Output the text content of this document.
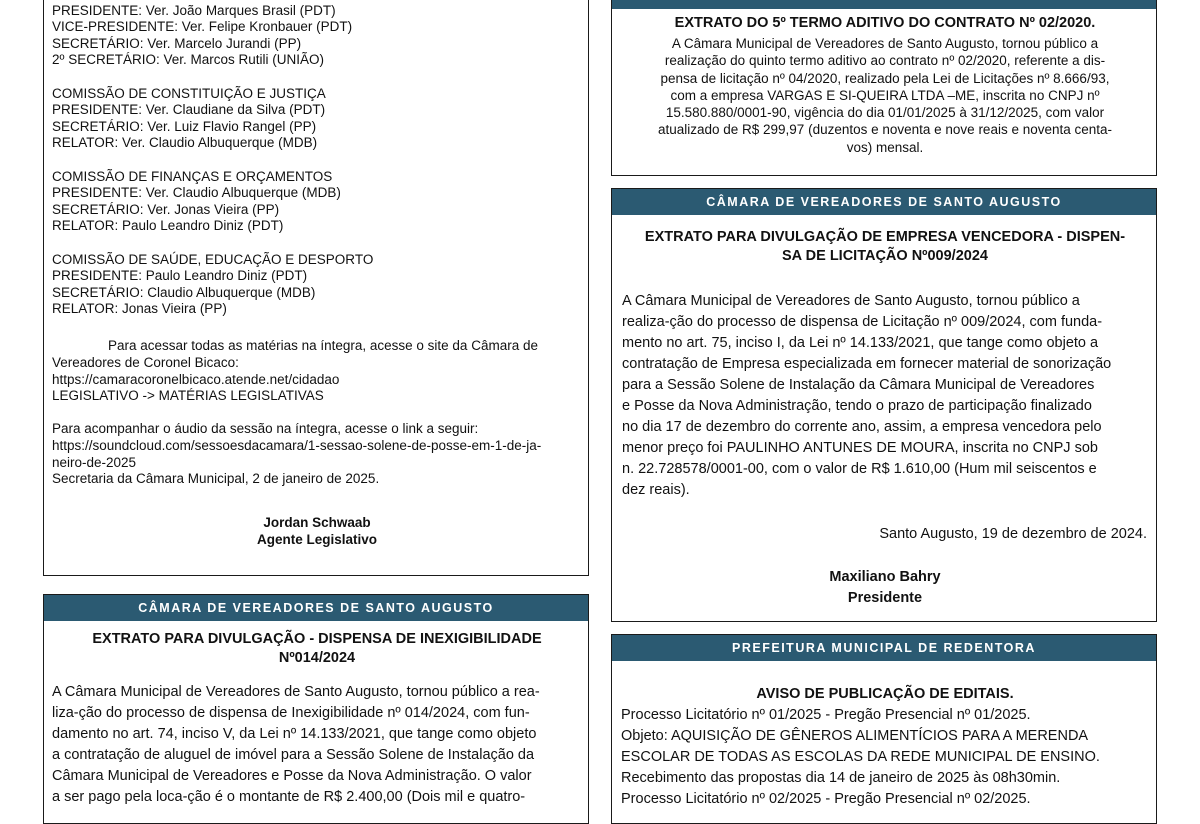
PRESIDENTE: Ver. João Marques Brasil (PDT)
VICE-PRESIDENTE: Ver. Felipe Kronbauer (PDT)
SECRETÁRIO: Ver. Marcelo Jurandi (PP)
2º SECRETÁRIO: Ver. Marcos Rutili (UNIÃO)

COMISSÃO DE CONSTITUIÇÃO E JUSTIÇA
PRESIDENTE: Ver. Claudiane da Silva (PDT)
SECRETÁRIO: Ver. Luiz Flavio Rangel (PP)
RELATOR: Ver. Claudio Albuquerque (MDB)

COMISSÃO DE FINANÇAS E ORÇAMENTOS
PRESIDENTE: Ver. Claudio Albuquerque (MDB)
SECRETÁRIO: Ver. Jonas Vieira (PP)
RELATOR: Paulo Leandro Diniz (PDT)

COMISSÃO DE SAÚDE, EDUCAÇÃO E DESPORTO
PRESIDENTE: Paulo Leandro Diniz (PDT)
SECRETÁRIO: Claudio Albuquerque (MDB)
RELATOR: Jonas Vieira (PP)

Para acessar todas as matérias na íntegra, acesse o site da Câmara de
Vereadores de Coronel Bicaco:
https://camaracoronelbicaco.atende.net/cidadao
LEGISLATIVO -> MATÉRIAS LEGISLATIVAS

Para acompanhar o áudio da sessão na íntegra, acesse o link a seguir:
https://soundcloud.com/sessoesdacamara/1-sessao-solene-de-posse-em-1-de-ja-
neiro-de-2025
Secretaria da Câmara Municipal, 2 de janeiro de 2025.
Jordan Schwaab
Agente Legislativo
CÂMARA DE VEREADORES DE SANTO AUGUSTO
EXTRATO PARA DIVULGAÇÃO - DISPENSA DE INEXIGIBILIDADE
Nº014/2024
A Câmara Municipal de Vereadores de Santo Augusto, tornou público a rea-
liza-ção do processo de dispensa de Inexigibilidade nº 014/2024, com fun-
damento no art. 74, inciso V, da Lei nº 14.133/2021, que tange como objeto
a contratação de aluguel de imóvel para a Sessão Solene de Instalação da
Câmara Municipal de Vereadores e Posse da Nova Administração. O valor
a ser pago pela loca-ção é o montante de R$ 2.400,00 (Dois mil e quatro-
EXTRATO DO 5º TERMO ADITIVO DO CONTRATO Nº 02/2020.
A Câmara Municipal de Vereadores de Santo Augusto, tornou público a
realização do quinto termo aditivo ao contrato nº 02/2020, referente a dis-
pensa de licitação nº 04/2020, realizado pela Lei de Licitações nº 8.666/93,
com a empresa VARGAS E SI-QUEIRA LTDA –ME, inscrita no CNPJ nº
15.580.880/0001-90, vigência do dia 01/01/2025 à 31/12/2025, com valor
atualizado de R$ 299,97 (duzentos e noventa e nove reais e noventa centa-
vos) mensal.
CÂMARA DE VEREADORES DE SANTO AUGUSTO
EXTRATO PARA DIVULGAÇÃO DE EMPRESA VENCEDORA - DISPEN-
SA DE LICITAÇÃO Nº009/2024
A Câmara Municipal de Vereadores de Santo Augusto, tornou público a
realiza-ção do processo de dispensa de Licitação nº 009/2024, com funda-
mento no art. 75, inciso I, da Lei nº 14.133/2021, que tange como objeto a
contratação de Empresa especializada em fornecer material de sonorização
para a Sessão Solene de Instalação da Câmara Municipal de Vereadores
e Posse da Nova Administração, tendo o prazo de participação finalizado
no dia 17 de dezembro do corrente ano, assim, a empresa vencedora pelo
menor preço foi PAULINHO ANTUNES DE MOURA, inscrita no CNPJ sob
n. 22.728578/0001-00, com o valor de R$ 1.610,00 (Hum mil seiscentos e
dez reais).
Santo Augusto, 19 de dezembro de 2024.
Maxiliano Bahry
Presidente
PREFEITURA MUNICIPAL DE REDENTORA
AVISO DE PUBLICAÇÃO DE EDITAIS.
Processo Licitatório nº 01/2025 - Pregão Presencial nº 01/2025.
Objeto: AQUISIÇÃO DE GÊNEROS ALIMENTÍCIOS PARA A MERENDA
ESCOLAR DE TODAS AS ESCOLAS DA REDE MUNICIPAL DE ENSINO.
Recebimento das propostas dia 14 de janeiro de 2025 às 08h30min.
Processo Licitatório nº 02/2025 - Pregão Presencial nº 02/2025.
